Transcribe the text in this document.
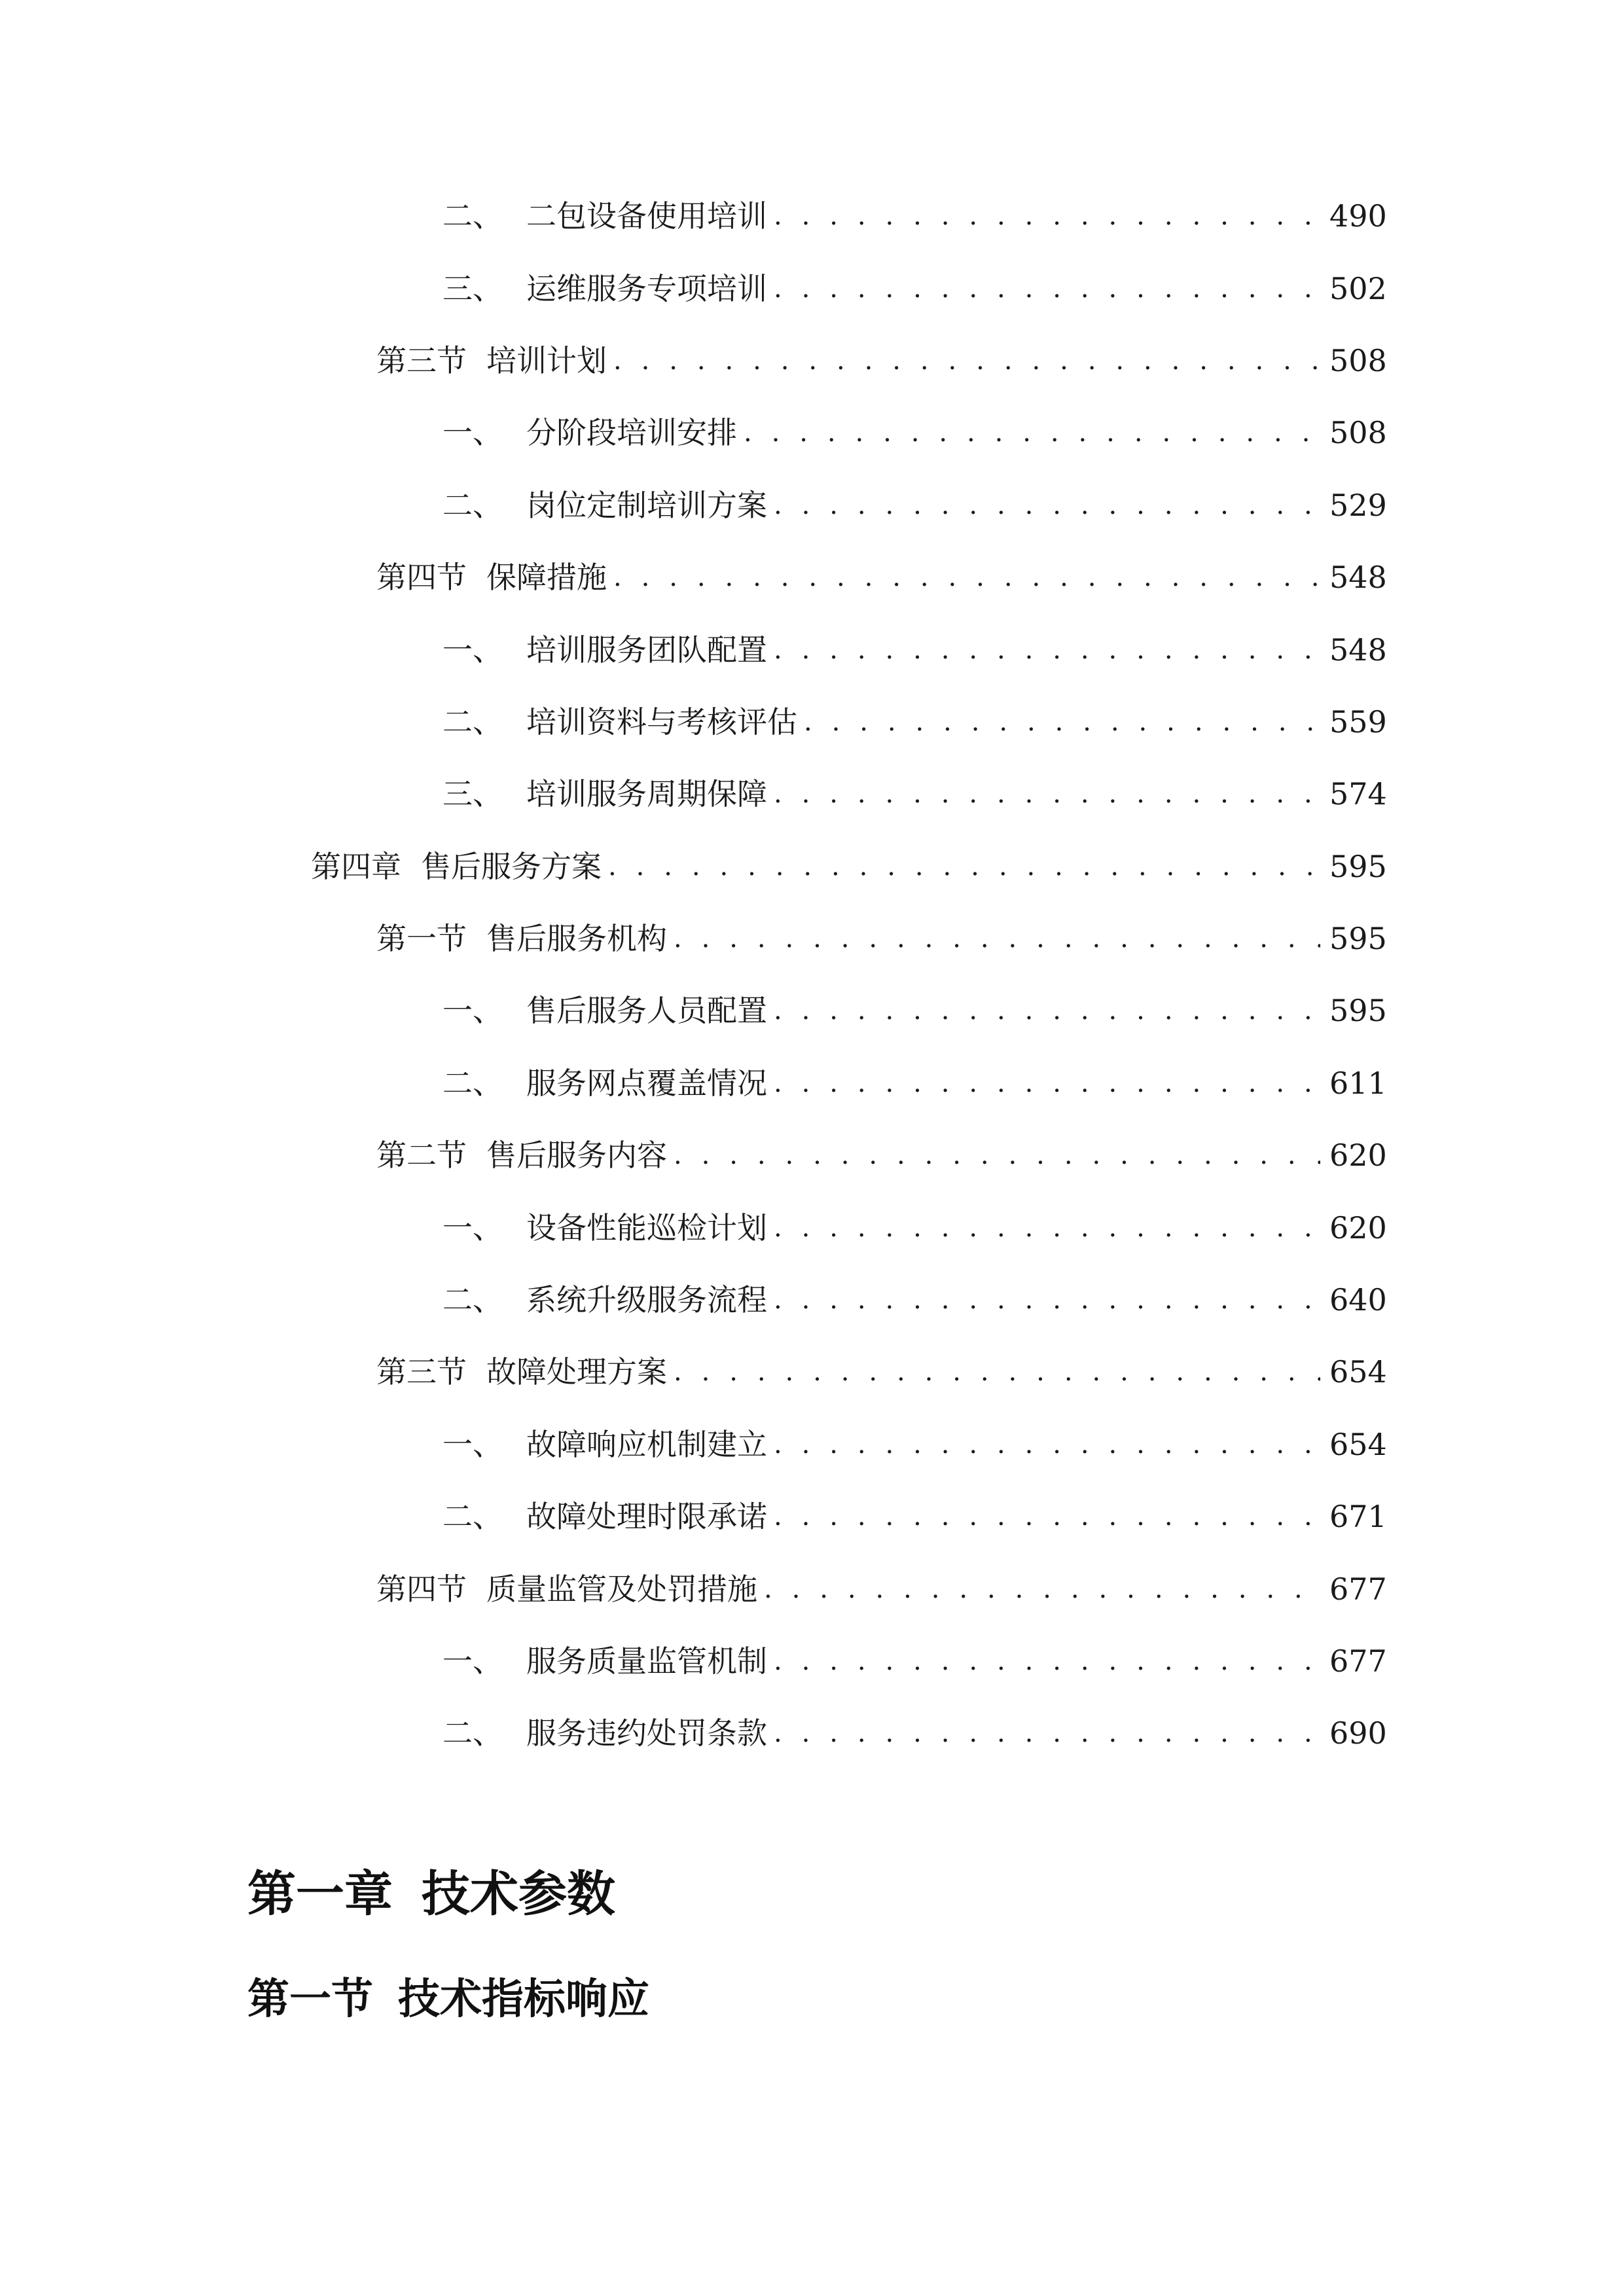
二、 二包设备使用培训 . . .	490
三、 运维服务专项培训 . . .	502
第三节 培训计划 . . .	508
一、 分阶段培训安排 . . .	508
二、 岗位定制培训方案 . . .	529
第四节 保障措施 . . .	548
一、 培训服务团队配置 . . .	548
二、 培训资料与考核评估 . . .	559
三、 培训服务周期保障 . . .	574
第四章 售后服务方案 . . .	595
第一节 售后服务机构 . . .	595
一、 售后服务人员配置 . . .	595
二、 服务网点覆盖情况 . . .	611
第二节 售后服务内容 . . .	620
一、 设备性能巡检计划 . . .	620
二、 系统升级服务流程 . . .	640
第三节 故障处理方案 . . .	654
一、 故障响应机制建立 . . .	654
二、 故障处理时限承诺 . . .	671
第四节 质量监管及处罚措施 . . .	677
一、 服务质量监管机制 . . .	677
二、 服务违约处罚条款 . . .	690
第一章 技术参数
第一节 技术指标响应
